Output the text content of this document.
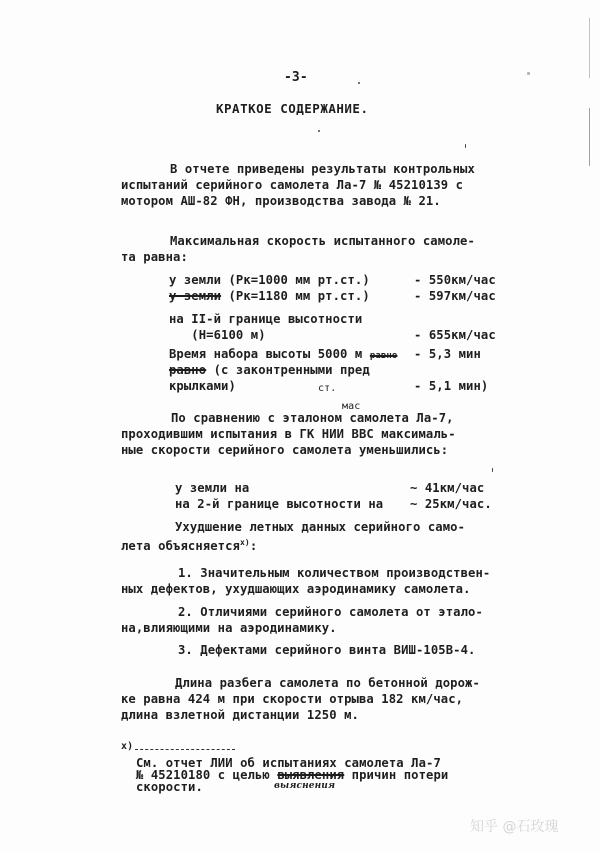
-3-
КРАТКОЕ СОДЕРЖАНИЕ.
В отчете приведены результаты контрольных
испытаний серийного самолета Ла-7 № 45210139 с
мотором АШ-82 ФН, производства завода № 21.
Максимальная скорость испытанного самоле-
та равна:
у земли (Рк=1000 мм рт.ст.)	- 550км/час
у земли (Рк=1180 мм рт.ст.)	- 597км/час
на II-й границе высотности
(Н=6100 м)	- 655км/час
Время набора высоты 5000 м равно - 5,3 мин
равно (с законтренными пред
крылками)	ст.	- 5,1 мин)
мас
По сравнению с эталоном самолета Ла-7,
проходившим испытания в ГК НИИ ВВС максималь-
ные скорости серийного самолета уменьшились:
у земли на	~ 41км/час
на 2-й границе высотности на ~ 25км/час.
Ухудшение летных данных серийного само-
лета объясняется$^{x)}$:
1. Значительным количеством производствен-
ных дефектов, ухудшающих аэродинамику самолета.
2. Отличиями серийного самолета от эталo-
на,влияющими на аэродинамику.
3. Дефектами серийного винта ВИШ-105В-4.
Длина разбега самолета по бетонной дорож-
ке равна 424 м при скорости отрыва 182 км/час,
длина взлетной дистанции 1250 м.
x)
См. отчет ЛИИ об испытаниях самолета Ла-7
№ 45210180 с целью выявления причин потери
скорости.	выяснения
知乎 @石玫瑰
